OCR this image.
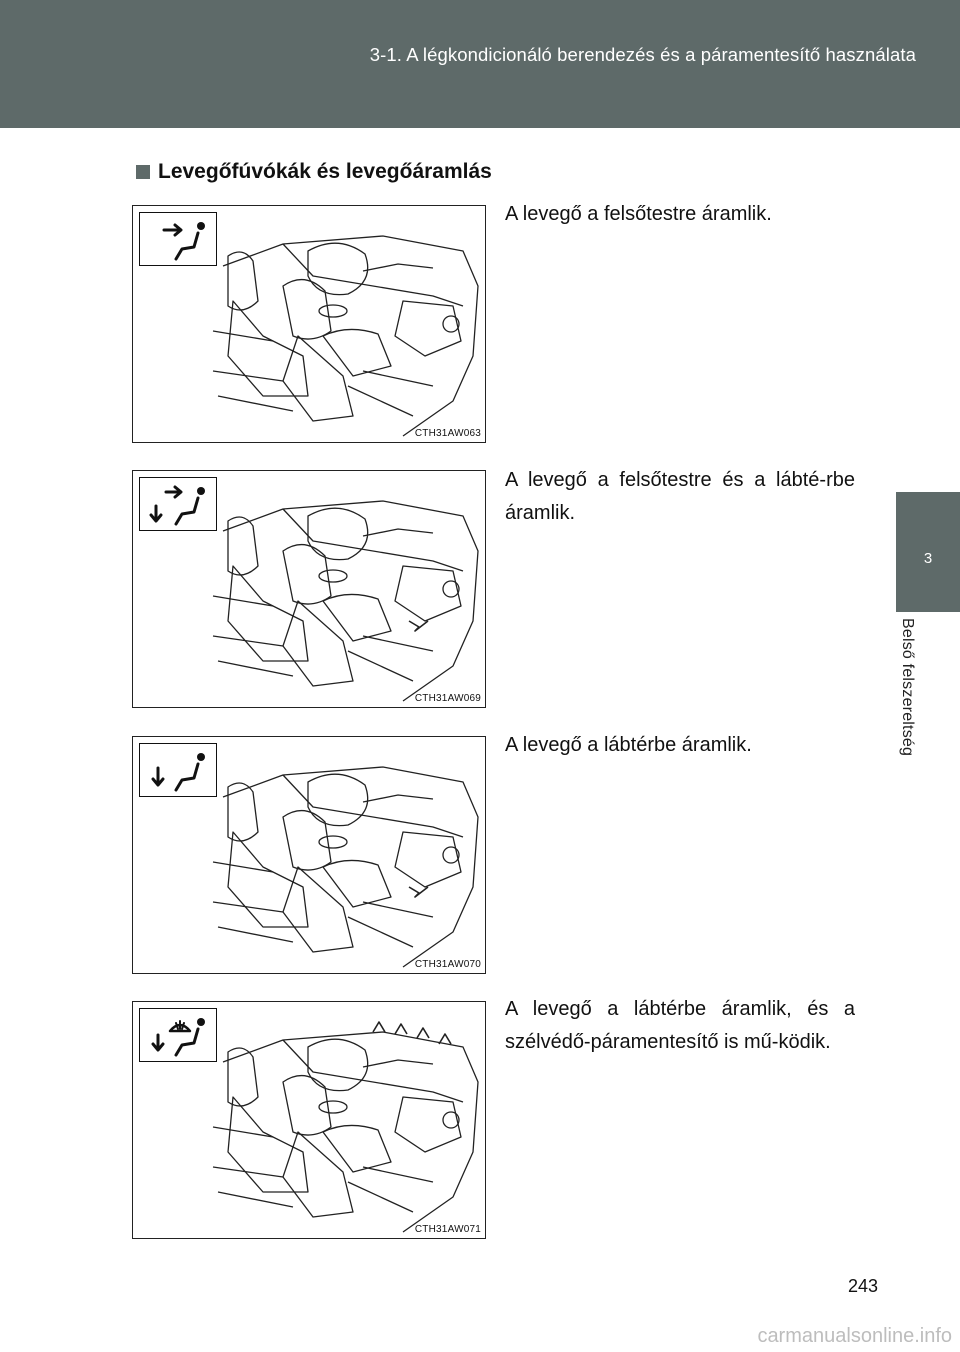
3-1. A légkondicionáló berendezés és a páramentesítő használata
3
Belső felszereltség
Levegőfúvókák és levegőáramlás
CTH31AW063
A levegő a felsőtestre áramlik.
CTH31AW069
A levegő a felsőtestre és a lábté-rbe áramlik.
CTH31AW070
A levegő a lábtérbe áramlik.
CTH31AW071
A levegő a lábtérbe áramlik, és a szélvédő-páramentesítő is mű-ködik.
243
carmanualsonline.info
